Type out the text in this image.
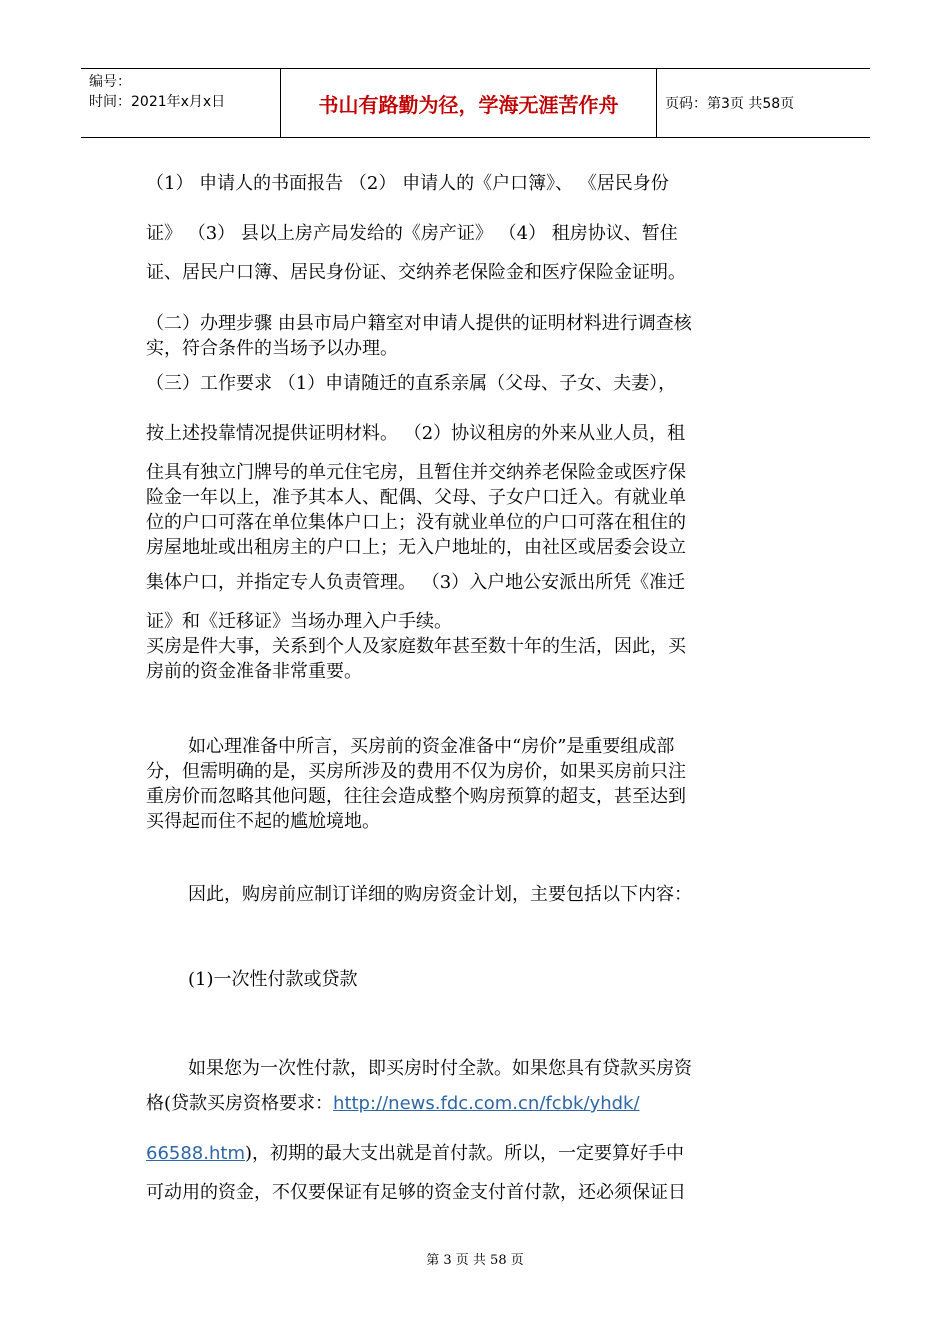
编号：
时间：2021年x月x日	书山有路勤为径，学海无涯苦作舟	页码：第3页 共58页

（1） 申请人的书面报告 （2） 申请人的《户口簿》、 《居民身份

证》 （3） 县以上房产局发给的《房产证》 （4） 租房协议、暂住

证、居民户口簿、居民身份证、交纳养老保险金和医疗保险金证明。

（二）办理步骤 由县市局户籍室对申请人提供的证明材料进行调查核

实，符合条件的当场予以办理。

（三）工作要求 （1）申请随迁的直系亲属（父母、子女、夫妻），

按上述投靠情况提供证明材料。 （2）协议租房的外来从业人员，租

住具有独立门牌号的单元住宅房，且暂住并交纳养老保险金或医疗保

险金一年以上，准予其本人、配偶、父母、子女户口迁入。有就业单

位的户口可落在单位集体户口上；没有就业单位的户口可落在租住的

房屋地址或出租房主的户口上；无入户地址的，由社区或居委会设立

集体户口，并指定专人负责管理。 （3）入户地公安派出所凭《准迁

证》和《迁移证》当场办理入户手续。

买房是件大事，关系到个人及家庭数年甚至数十年的生活，因此，买

房前的资金准备非常重要。

如心理准备中所言，买房前的资金准备中“房价”是重要组成部

分，但需明确的是，买房所涉及的费用不仅为房价，如果买房前只注

重房价而忽略其他问题，往往会造成整个购房预算的超支，甚至达到

买得起而住不起的尴尬境地。

因此，购房前应制订详细的购房资金计划，主要包括以下内容：

(1)一次性付款或贷款

如果您为一次性付款，即买房时付全款。如果您具有贷款买房资

格(贷款买房资格要求：http://news.fdc.com.cn/fcbk/yhdk/

66588.htm)，初期的最大支出就是首付款。所以，一定要算好手中

可动用的资金，不仅要保证有足够的资金支付首付款，还必须保证日

第 3 页 共 58 页
